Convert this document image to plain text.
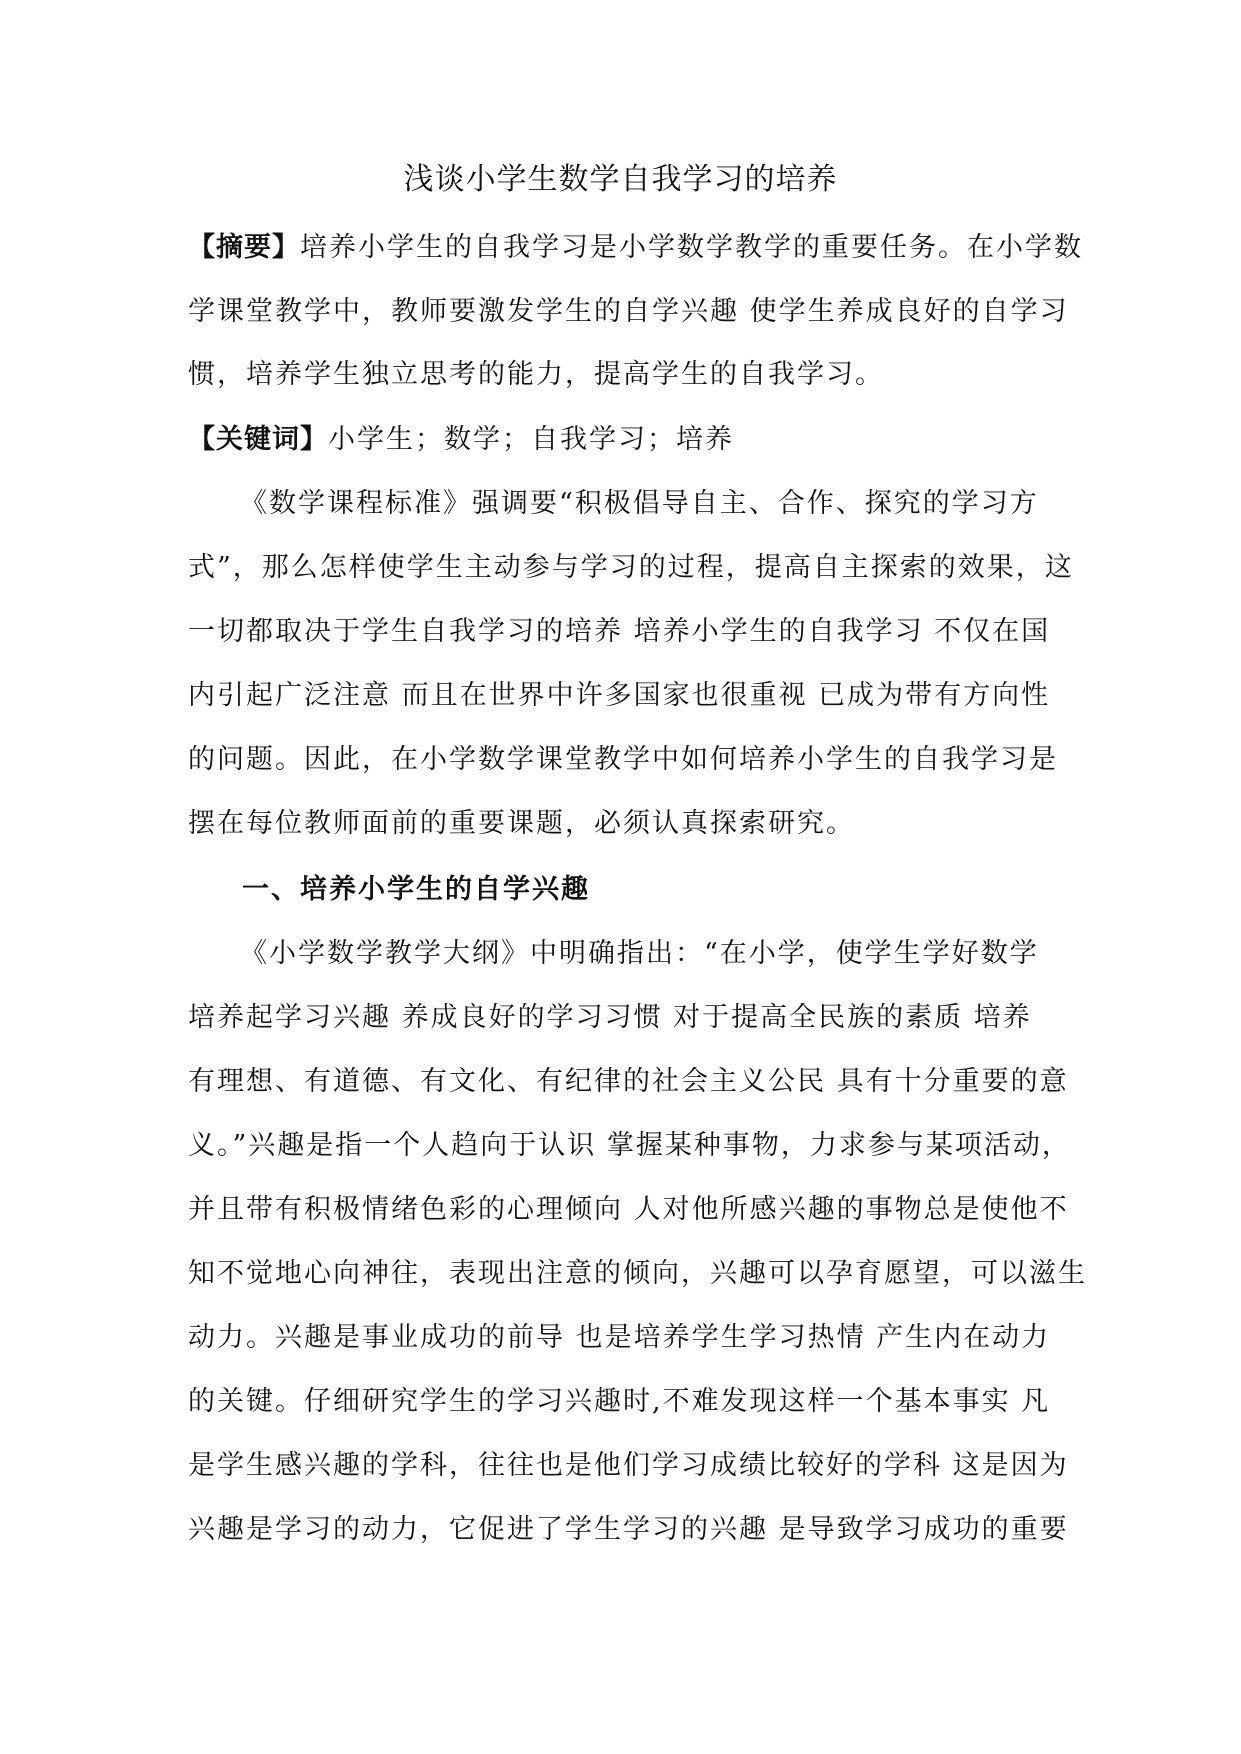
浅谈小学生数学自我学习的培养
【摘要】培养小学生的自我学习是小学数学教学的重要任务。在小学数
学课堂教学中，教师要激发学生的自学兴趣 使学生养成良好的自学习
惯，培养学生独立思考的能力，提高学生的自我学习。
【关键词】小学生；数学；自我学习；培养
《数学课程标准》强调要“积极倡导自主、合作、探究的学习方
式”，那么怎样使学生主动参与学习的过程，提高自主探索的效果，这
一切都取决于学生自我学习的培养 培养小学生的自我学习 不仅在国
内引起广泛注意 而且在世界中许多国家也很重视 已成为带有方向性
的问题。因此，在小学数学课堂教学中如何培养小学生的自我学习是
摆在每位教师面前的重要课题，必须认真探索研究。
一、培养小学生的自学兴趣
《小学数学教学大纲》中明确指出：“在小学，使学生学好数学
培养起学习兴趣 养成良好的学习习惯 对于提高全民族的素质 培养
有理想、有道德、有文化、有纪律的社会主义公民 具有十分重要的意
义。”兴趣是指一个人趋向于认识 掌握某种事物，力求参与某项活动，
并且带有积极情绪色彩的心理倾向 人对他所感兴趣的事物总是使他不
知不觉地心向神往，表现出注意的倾向，兴趣可以孕育愿望，可以滋生
动力。兴趣是事业成功的前导 也是培养学生学习热情 产生内在动力
的关键。仔细研究学生的学习兴趣时,不难发现这样一个基本事实 凡
是学生感兴趣的学科，往往也是他们学习成绩比较好的学科 这是因为
兴趣是学习的动力，它促进了学生学习的兴趣 是导致学习成功的重要
